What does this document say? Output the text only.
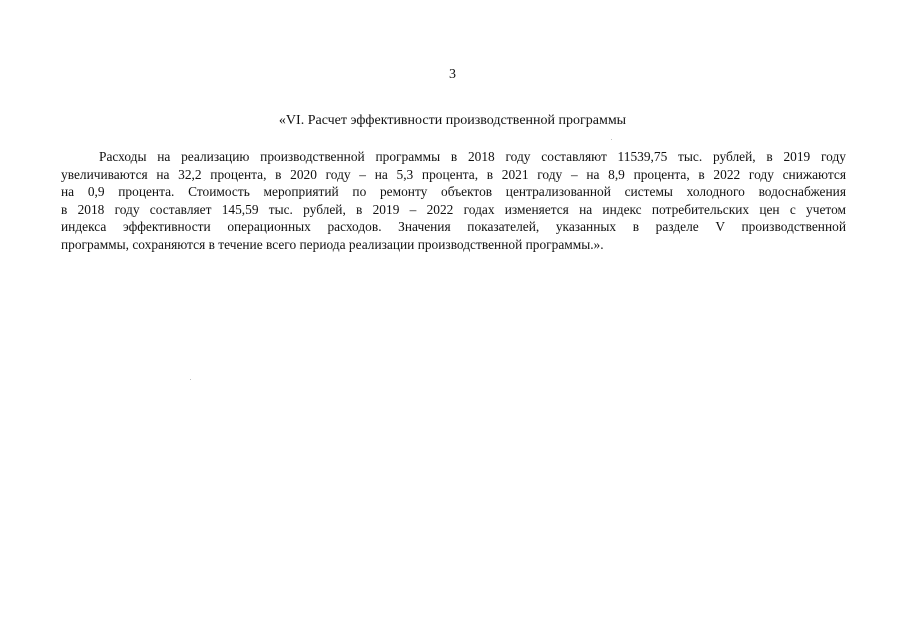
3
«VI. Расчет эффективности производственной программы

Расходы на реализацию производственной программы в 2018 году составляют 11539,75 тыс. рублей, в 2019 году
увеличиваются на 32,2 процента, в 2020 году – на 5,3 процента, в 2021 году – на 8,9 процента, в 2022 году снижаются
на 0,9 процента. Стоимость мероприятий по ремонту объектов централизованной системы холодного водоснабжения
в 2018 году составляет 145,59 тыс. рублей, в 2019 – 2022 годах изменяется на индекс потребительских цен с учетом
индекса эффективности операционных расходов. Значения показателей, указанных в разделе V производственной
программы, сохраняются в течение всего периода реализации производственной программы.».
